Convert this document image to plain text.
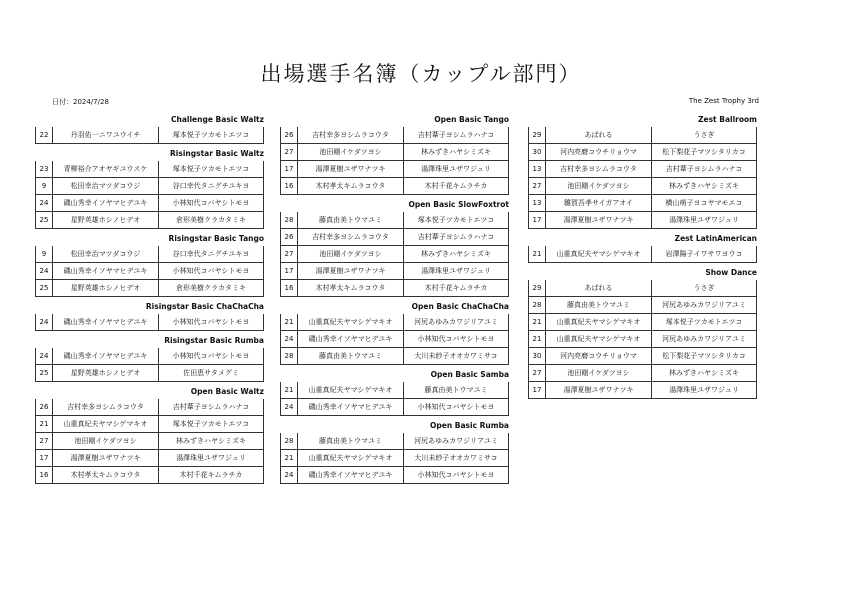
出場選手名簿（カップル部門）
日付：2024/7/28	The Zest Trophy 3rd
Challenge Basic Waltz
22	丹羽佑一ニワユウイチ	塚本悦子ツカモトエツコ
Risingstar Basic Waltz
23	青柳裕介アオヤギユウスケ	塚本悦子ツカモトエツコ
9	松田幸治マツダコウジ	谷口幸代タニグチユキヨ
24	磯山秀幸イソヤマヒデユキ	小林知代コバヤシトモヨ
25	星野英雄ホシノヒデオ	倉形美樹クラカタミキ
Risingstar Basic Tango
9	松田幸治マツダコウジ	谷口幸代タニグチユキヨ
24	磯山秀幸イソヤマヒデユキ	小林知代コバヤシトモヨ
25	星野英雄ホシノヒデオ	倉形美樹クラカタミキ
Risingstar Basic ChaChaCha
24	磯山秀幸イソヤマヒデユキ	小林知代コバヤシトモヨ
Risingstar Basic Rumba
24	磯山秀幸イソヤマヒデユキ	小林知代コバヤシトモヨ
25	星野英雄ホシノヒデオ	佐田恵サタメグミ
Open Basic Waltz
26	吉村幸多ヨシムラコウタ	吉村葦子ヨシムラハナコ
21	山重真紀夫ヤマシゲマキオ	塚本悦子ツカモトエツコ
27	池田剛イケダツヨシ	林みずきハヤシミズキ
17	湯澤夏樹ユザワナツキ	湯澤珠里ユザワジュリ
16	木村孝太キムラコウタ	木村千花キムラチカ
Open Basic Tango
26	吉村幸多ヨシムラコウタ	吉村葦子ヨシムラハナコ
27	池田剛イケダツヨシ	林みずきハヤシミズキ
17	湯澤夏樹ユザワナツキ	湯澤珠里ユザワジュリ
16	木村孝太キムラコウタ	木村千花キムラチカ
Open Basic SlowFoxtrot
28	藤真由美トウマユミ	塚本悦子ツカモトエツコ
26	吉村幸多ヨシムラコウタ	吉村葦子ヨシムラハナコ
27	池田剛イケダツヨシ	林みずきハヤシミズキ
17	湯澤夏樹ユザワナツキ	湯澤珠里ユザワジュリ
16	木村孝太キムラコウタ	木村千花キムラチカ
Open Basic ChaChaCha
21	山重真紀夫ヤマシゲマキオ	河尻あゆみカワジリアユミ
24	磯山秀幸イソヤマヒデユキ	小林知代コバヤシトモヨ
28	藤真由美トウマユミ	大川未紗子オオカワミサコ
Open Basic Samba
21	山重真紀夫ヤマシゲマキオ	藤真由美トウマユミ
24	磯山秀幸イソヤマヒデユキ	小林知代コバヤシトモヨ
Open Basic Rumba
28	藤真由美トウマユミ	河尻あゆみカワジリアユミ
21	山重真紀夫ヤマシゲマキオ	大川未紗子オオカワミサコ
24	磯山秀幸イソヤマヒデユキ	小林知代コバヤシトモヨ
Zest Ballroom
29	あばれる	うさぎ
30	河内亮磨コウチリョウマ	松下梨花子マツシタリカコ
13	吉村幸多ヨシムラコウタ	吉村葦子ヨシムラハナコ
27	池田剛イケダツヨシ	林みずきハヤシミズキ
13	雛賀吾孝サイガアオイ	横山萌子ヨコヤマモエコ
17	湯澤夏樹ユザワナツキ	湯澤珠里ユザワジュリ
Zest LatinAmerican
21	山重真紀夫ヤマシゲマキオ	岩澤陽子イワサワヨウコ
Show Dance
29	あばれる	うさぎ
28	藤真由美トウマユミ	河尻あゆみカワジリアユミ
21	山重真紀夫ヤマシゲマキオ	塚本悦子ツカモトエツコ
21	山重真紀夫ヤマシゲマキオ	河尻あゆみカワジリアユミ
30	河内亮磨コウチリョウマ	松下梨花子マツシタリカコ
27	池田剛イケダツヨシ	林みずきハヤシミズキ
17	湯澤夏樹ユザワナツキ	湯澤珠里ユザワジュリ
